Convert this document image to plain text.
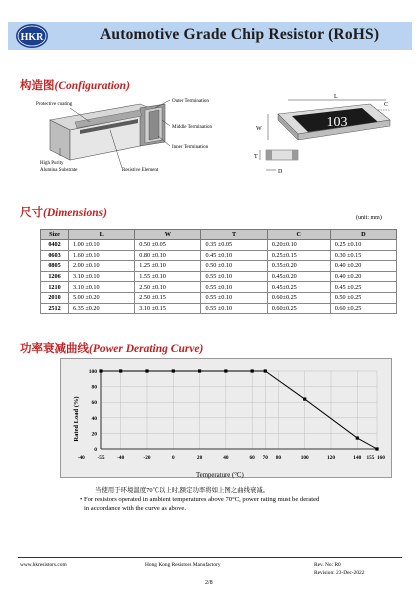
HKR	Automotive Grade Chip Resistor (RoHS)
构造图(Configuration)
Protective coating
Outer Termination
Middle Termination
Inner Termination
High Purity
Alumina Substrate	Resistive Element
L
103
W
C
T
D
尺寸(Dimensions)	(unit: mm)
Size	L	W	T	C	D
0402	1.00 ±0.10	0.50 ±0.05	0.35 ±0.05	0.20±0.10	0.25 ±0.10
0603	1.60 ±0.10	0.80 ±0.10	0.45 ±0.10	0.25±0.15	0.30 ±0.15
0805	2.00 ±0.10	1.25 ±0.10	0.50 ±0.10	0.35±0.20	0.40 ±0.20
1206	3.10 ±0.10	1.55 ±0.10	0.55 ±0.10	0.45±0.20	0.40 ±0.20
1210	3.10 ±0.10	2.50 ±0.10	0.55 ±0.10	0.45±0.25	0.45 ±0.25
2010	5.00 ±0.20	2.50 ±0.15	0.55 ±0.10	0.60±0.25	0.50 ±0.25
2512	6.35 ±0.20	3.10 ±0.15	0.55 ±0.10	0.60±0.25	0.60 ±0.25
功率衰减曲线(Power Derating Curve)
100
80
60
40
20
0
-40 -55 -40	-20	0	20	40	60 70 80	100	120	140 155 160
Rated Load (%)
Temperature (°C)
当使用于环境温度70℃以上时,额定功率将如上图之曲线衰减。
• For resistors operated in ambient temperatures above 70°C, power rating must be derated
in accordance with the curve as above.
www.hkresistors.com	Hong Kong Resistors Manufactory	Rev. No: R0
Revision: 23-Dec-2022
2/8
